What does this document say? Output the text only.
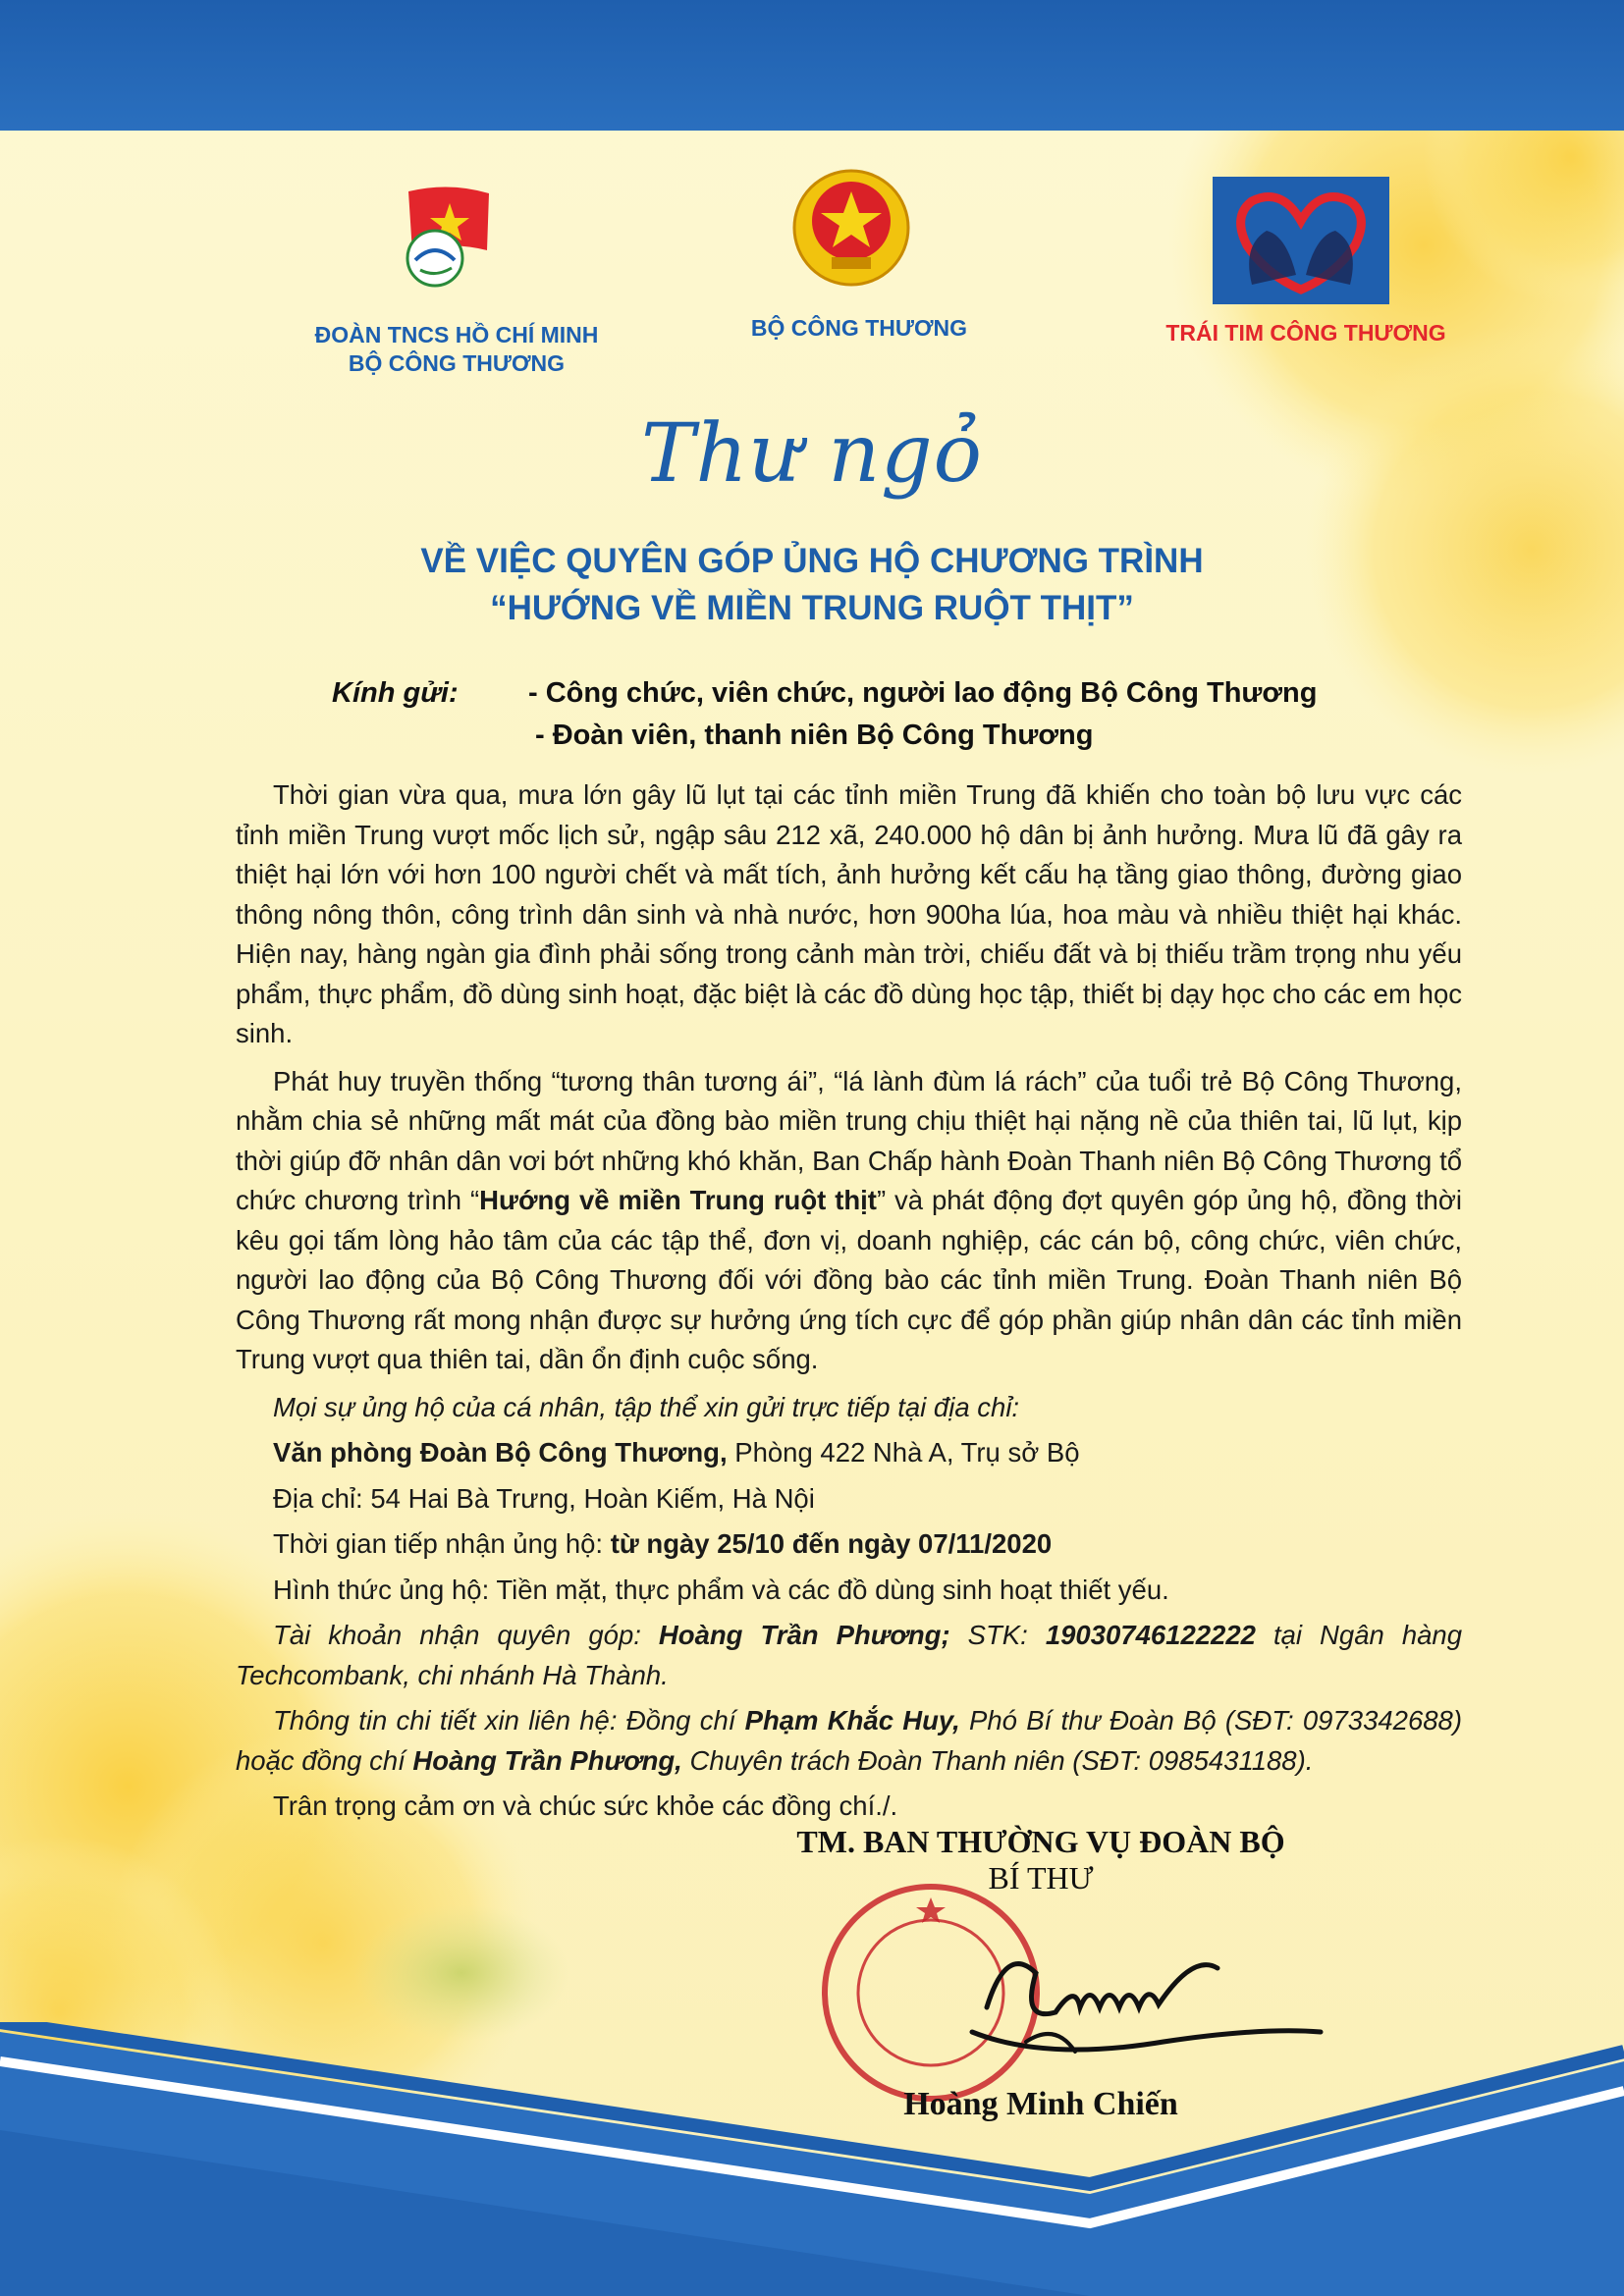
ĐOÀN TNCS HỒ CHÍ MINH
BỘ CÔNG THƯƠNG
BỘ CÔNG THƯƠNG	TRÁI TIM CÔNG THƯƠNG
Thư ngỏ
VỀ VIỆC QUYÊN GÓP ỦNG HỘ CHƯƠNG TRÌNH
“HƯỚNG VỀ MIỀN TRUNG RUỘT THỊT”
Kính gửi: - Công chức, viên chức, người lao động Bộ Công Thương
- Đoàn viên, thanh niên Bộ Công Thương

Thời gian vừa qua, mưa lớn gây lũ lụt tại các tỉnh miền Trung đã khiến cho toàn bộ lưu vực các tỉnh miền Trung vượt mốc lịch sử, ngập sâu 212 xã, 240.000 hộ dân bị ảnh hưởng. Mưa lũ đã gây ra thiệt hại lớn với hơn 100 người chết và mất tích, ảnh hưởng kết cấu hạ tầng giao thông, đường giao thông nông thôn, công trình dân sinh và nhà nước, hơn 900ha lúa, hoa màu và nhiều thiệt hại khác. Hiện nay, hàng ngàn gia đình phải sống trong cảnh màn trời, chiếu đất và bị thiếu trầm trọng nhu yếu phẩm, thực phẩm, đồ dùng sinh hoạt, đặc biệt là các đồ dùng học tập, thiết bị dạy học cho các em học sinh.

Phát huy truyền thống “tương thân tương ái”, “lá lành đùm lá rách” của tuổi trẻ Bộ Công Thương, nhằm chia sẻ những mất mát của đồng bào miền trung chịu thiệt hại nặng nề của thiên tai, lũ lụt, kịp thời giúp đỡ nhân dân vơi bớt những khó khăn, Ban Chấp hành Đoàn Thanh niên Bộ Công Thương tổ chức chương trình “Hướng về miền Trung ruột thịt” và phát động đợt quyên góp ủng hộ, đồng thời kêu gọi tấm lòng hảo tâm của các tập thể, đơn vị, doanh nghiệp, các cán bộ, công chức, viên chức, người lao động của Bộ Công Thương đối với đồng bào các tỉnh miền Trung. Đoàn Thanh niên Bộ Công Thương rất mong nhận được sự hưởng ứng tích cực để góp phần giúp nhân dân các tỉnh miền Trung vượt qua thiên tai, dần ổn định cuộc sống.

Mọi sự ủng hộ của cá nhân, tập thể xin gửi trực tiếp tại địa chỉ:
Văn phòng Đoàn Bộ Công Thương, Phòng 422 Nhà A, Trụ sở Bộ
Địa chỉ: 54 Hai Bà Trưng, Hoàn Kiếm, Hà Nội
Thời gian tiếp nhận ủng hộ: từ ngày 25/10 đến ngày 07/11/2020
Hình thức ủng hộ: Tiền mặt, thực phẩm và các đồ dùng sinh hoạt thiết yếu.
Tài khoản nhận quyên góp: Hoàng Trần Phương; STK: 19030746122222 tại Ngân hàng Techcombank, chi nhánh Hà Thành.
Thông tin chi tiết xin liên hệ: Đồng chí Phạm Khắc Huy, Phó Bí thư Đoàn Bộ (SĐT: 0973342688) hoặc đồng chí Hoàng Trần Phương, Chuyên trách Đoàn Thanh niên (SĐT: 0985431188).
Trân trọng cảm ơn và chúc sức khỏe các đồng chí./.
TM. BAN THƯỜNG VỤ ĐOÀN BỘ
BÍ THƯ
Hoàng Minh Chiến
